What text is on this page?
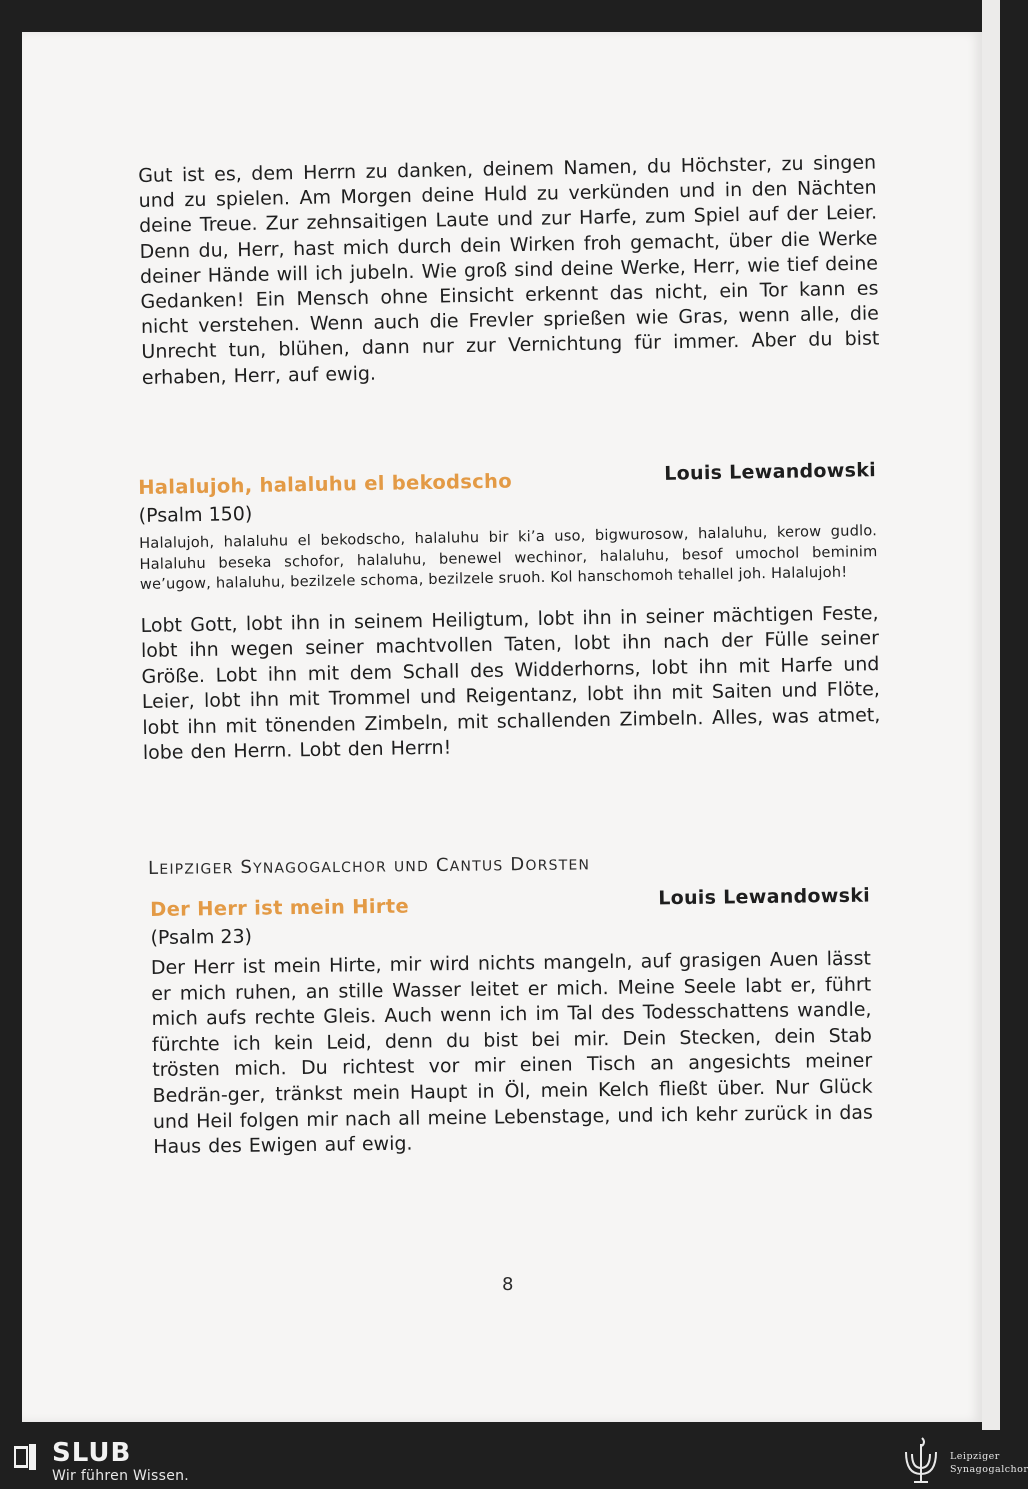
Gut ist es, dem Herrn zu danken, deinem Namen, du Höchster, zu singen und zu spielen. Am Morgen deine Huld zu verkünden und in den Nächten deine Treue. Zur zehnsaitigen Laute und zur Harfe, zum Spiel auf der Leier. Denn du, Herr, hast mich durch dein Wirken froh gemacht, über die Werke deiner Hände will ich jubeln. Wie groß sind deine Werke, Herr, wie tief deine Gedanken! Ein Mensch ohne Einsicht erkennt das nicht, ein Tor kann es nicht verstehen. Wenn auch die Frevler sprießen wie Gras, wenn alle, die Unrecht tun, blühen, dann nur zur Vernichtung für immer. Aber du bist erhaben, Herr, auf ewig.

Halalujoh, halaluhu el bekodscho	Louis Lewandowski

(Psalm 150)

Halalujoh, halaluhu el bekodscho, halaluhu bir ki’a uso, bigwurosow, halaluhu, kerow gudlo. Halaluhu beseka schofor, halaluhu, benewel wechinor, halaluhu, besof umochol beminim we’ugow, halaluhu, bezilzele schoma, bezilzele sruoh. Kol hanschomoh tehallel joh. Halalujoh!

Lobt Gott, lobt ihn in seinem Heiligtum, lobt ihn in seiner mächtigen Feste, lobt ihn wegen seiner machtvollen Taten, lobt ihn nach der Fülle seiner Größe. Lobt ihn mit dem Schall des Widderhorns, lobt ihn mit Harfe und Leier, lobt ihn mit Trommel und Reigentanz, lobt ihn mit Saiten und Flöte, lobt ihn mit tönenden Zimbeln, mit schallenden Zimbeln. Alles, was atmet, lobe den Herrn. Lobt den Herrn!

LEIPZIGER SYNAGOGALCHOR UND CANTUS DORSTEN

Der Herr ist mein Hirte	Louis Lewandowski

(Psalm 23)

Der Herr ist mein Hirte, mir wird nichts mangeln, auf grasigen Auen lässt er mich ruhen, an stille Wasser leitet er mich. Meine Seele labt er, führt mich aufs rechte Gleis. Auch wenn ich im Tal des Todesschattens wandle, fürchte ich kein Leid, denn du bist bei mir. Dein Stecken, dein Stab trösten mich. Du richtest vor mir einen Tisch an angesichts meiner Bedrän-ger, tränkst mein Haupt in Öl, mein Kelch fließt über. Nur Glück und Heil folgen mir nach all meine Lebenstage, und ich kehr zurück in das Haus des Ewigen auf ewig.

8
SLUB
Wir führen Wissen.
Leipziger
Synagogalchor
